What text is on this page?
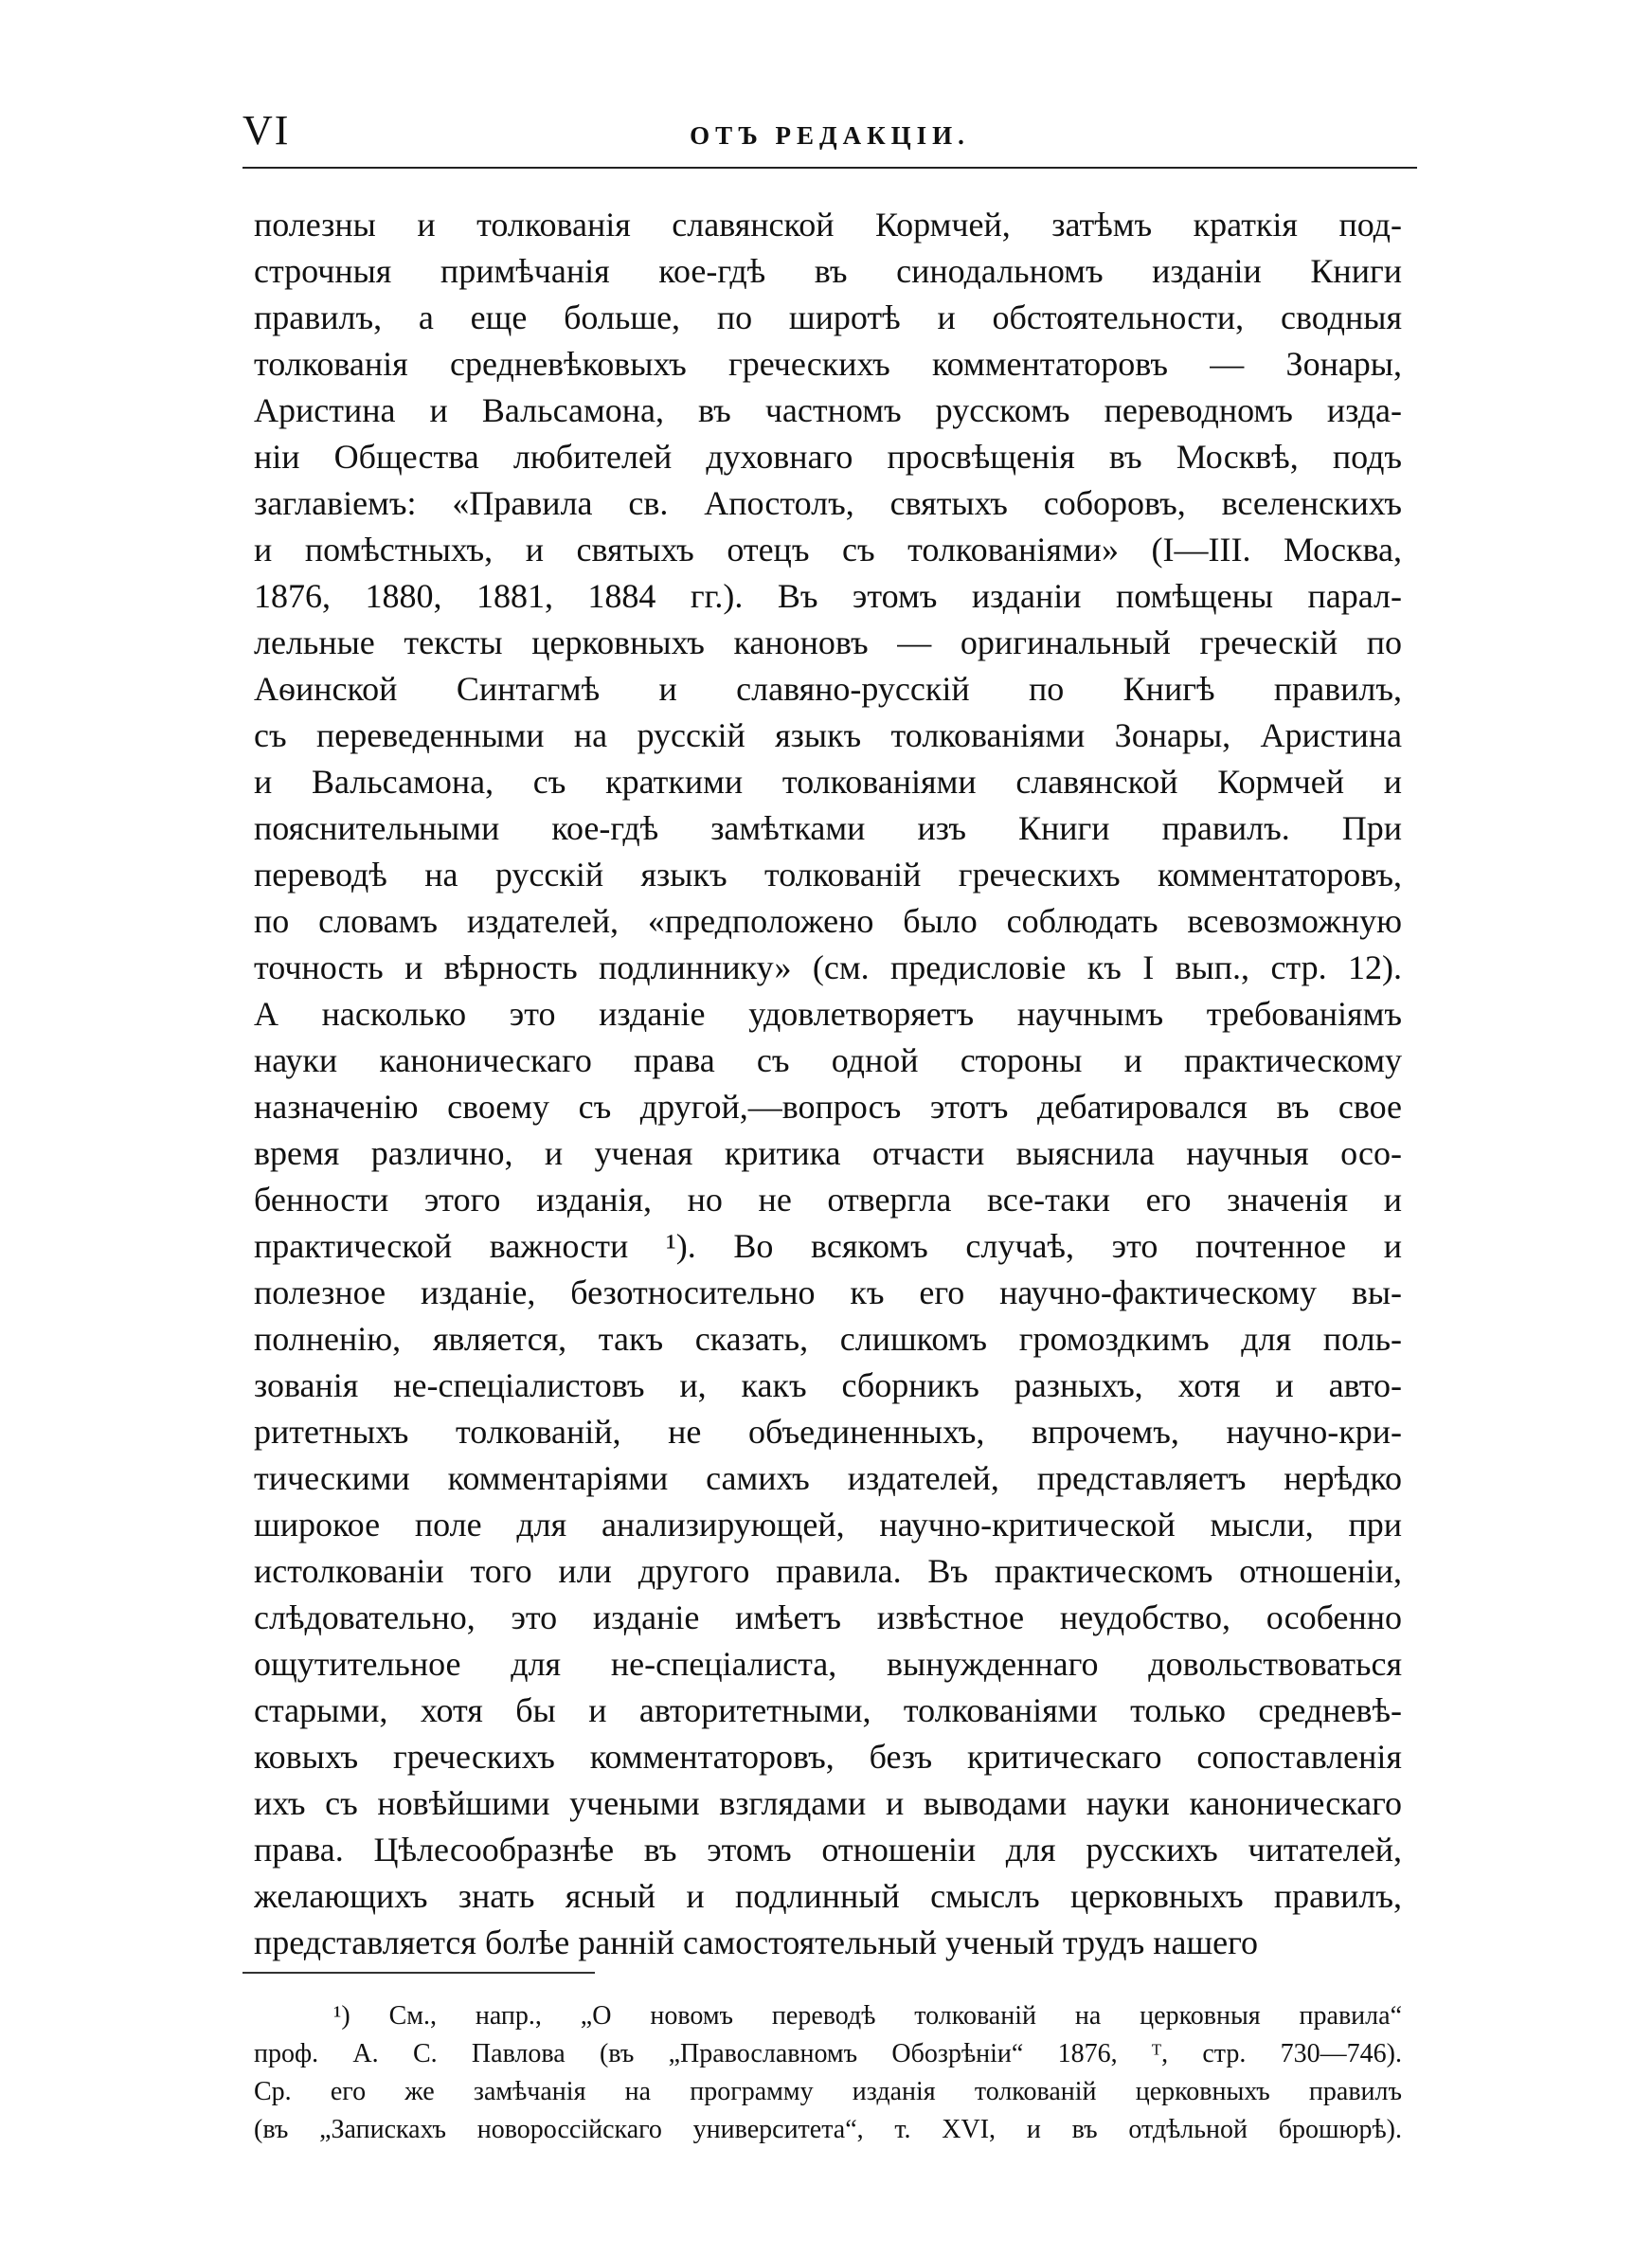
VI	ОТЪ РЕДАКЦIИ.
полезны и толкованія славянской Кормчей, затѣмъ краткія под-
строчныя примѣчанія кое-гдѣ въ синодальномъ изданіи Книги
правилъ, а еще больше, по широтѣ и обстоятельности, сводныя
толкованія средневѣковыхъ греческихъ комментаторовъ — Зонары,
Аристина и Вальсамона, въ частномъ русскомъ переводномъ изда-
ніи Общества любителей духовнаго просвѣщенія въ Москвѣ, подъ
заглавіемъ: «Правила св. Апостолъ, святыхъ соборовъ, вселенскихъ
и помѣстныхъ, и святыхъ отецъ съ толкованіями» (I—III. Москва,
1876, 1880, 1881, 1884 гг.). Въ этомъ изданіи помѣщены парал-
лельные тексты церковныхъ каноновъ — оригинальный греческій по
Аѳинской Синтагмѣ и славяно-русскій по Книгѣ правилъ,
съ переведенными на русскій языкъ толкованіями Зонары, Аристина
и Вальсамона, съ краткими толкованіями славянской Кормчей и
пояснительными кое-гдѣ замѣтками изъ Книги правилъ. При
переводѣ на русскій языкъ толкованій греческихъ комментаторовъ,
по словамъ издателей, «предположено было соблюдать всевозможную
точность и вѣрность подлиннику» (см. предисловіе къ I вып., стр. 12).
А насколько это изданіе удовлетворяетъ научнымъ требованіямъ
науки каноническаго права съ одной стороны и практическому
назначенію своему съ другой,—вопросъ этотъ дебатировался въ свое
время различно, и ученая критика отчасти выяснила научныя осо-
бенности этого изданія, но не отвергла все-таки его значенія и
практической важности ¹). Во всякомъ случаѣ, это почтенное и
полезное изданіе, безотносительно къ его научно-фактическому вы-
полненію, является, такъ сказать, слишкомъ громоздкимъ для поль-
зованія не-спеціалистовъ и, какъ сборникъ разныхъ, хотя и авто-
ритетныхъ толкованій, не объединенныхъ, впрочемъ, научно-кри-
тическими комментаріями самихъ издателей, представляетъ нерѣдко
широкое поле для анализирующей, научно-критической мысли, при
истолкованіи того или другого правила. Въ практическомъ отношеніи,
слѣдовательно, это изданіе имѣетъ извѣстное неудобство, особенно
ощутительное для не-спеціалиста, вынужденнаго довольствоваться
старыми, хотя бы и авторитетными, толкованіями только средневѣ-
ковыхъ греческихъ комментаторовъ, безъ критическаго сопоставленія
ихъ съ новѣйшими учеными взглядами и выводами науки каноническаго
права. Цѣлесообразнѣе въ этомъ отношеніи для русскихъ читателей,
желающихъ знать ясный и подлинный смыслъ церковныхъ правилъ,
представляется болѣе ранній самостоятельный ученый трудъ нашего
¹) См., напр., „О новомъ переводѣ толкованій на церковныя правила“
проф. А. С. Павлова (въ „Православномъ Обозрѣніи“ 1876, ᵀ, стр. 730—746).
Ср. его же замѣчанія на программу изданія толкованій церковныхъ правилъ
(въ „Запискахъ новороссійскаго университета“, т. XVI, и въ отдѣльной брошюрѣ).
